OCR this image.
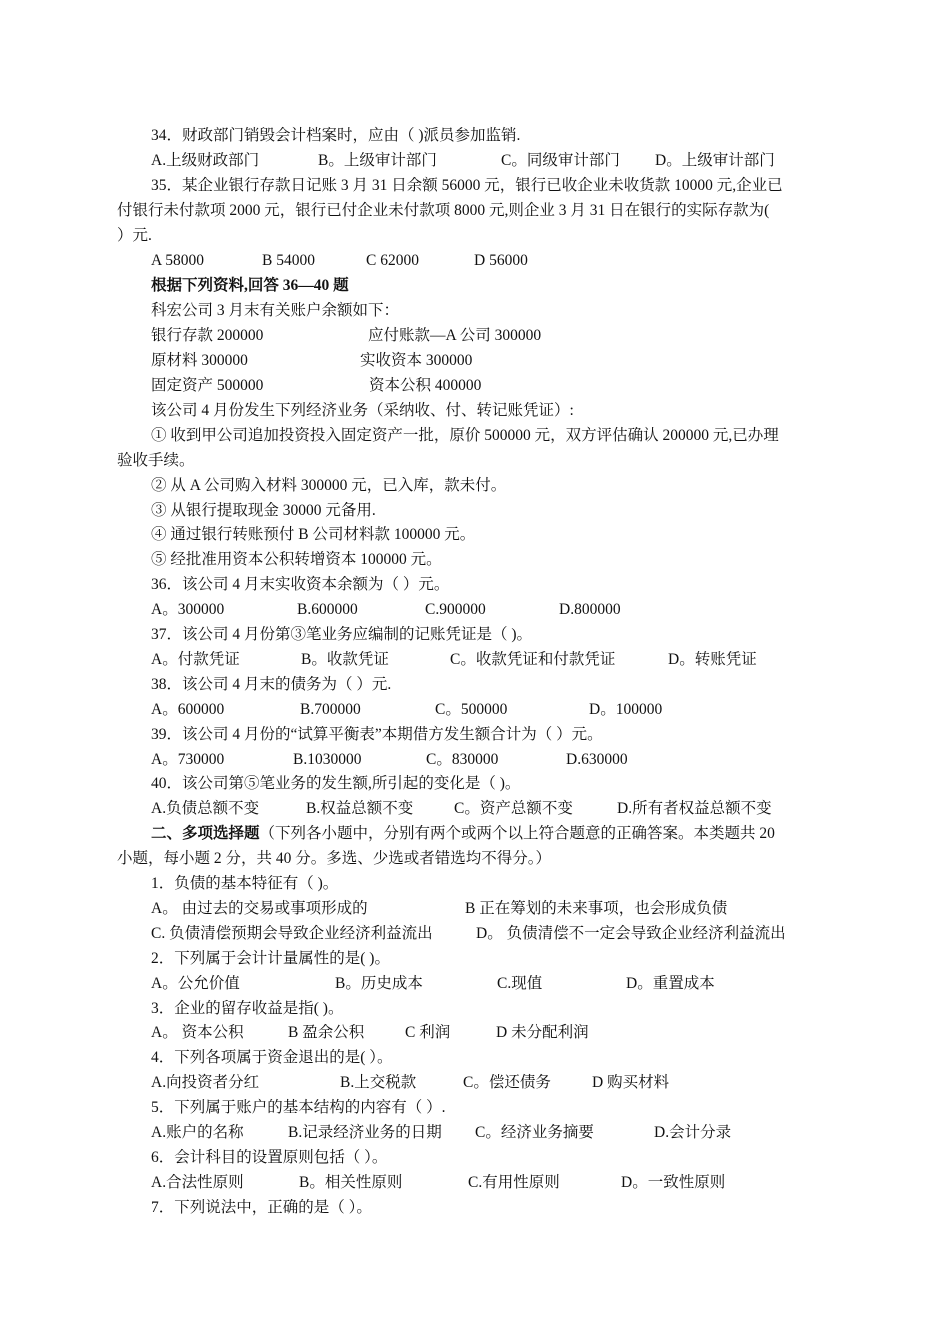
34．财政部门销毁会计档案时，应由（ )派员参加监销.
A.上级财政部门	B。上级审计部门	C。同级审计部门 D。上级审计部门
35．某企业银行存款日记账 3 月 31 日余额 56000 元，银行已收企业未收货款 10000 元,企业已
付银行未付款项 2000 元，银行已付企业未付款项 8000 元,则企业 3 月 31 日在银行的实际存款为(
）元.
A 58000	B 54000	C 62000	D 56000
根据下列资料,回答 36—40 题
科宏公司 3 月末有关账户余额如下：
银行存款 200000	应付账款—A 公司 300000
原材料 300000	实收资本 300000
固定资产 500000	资本公积 400000
该公司 4 月份发生下列经济业务（采纳收、付、转记账凭证）:
① 收到甲公司追加投资投入固定资产一批，原价 500000 元，双方评估确认 200000 元,已办理
验收手续。
② 从 A 公司购入材料 300000 元，已入库，款未付。
③ 从银行提取现金 30000 元备用.
④ 通过银行转账预付 B 公司材料款 100000 元。
⑤ 经批准用资本公积转增资本 100000 元。
36．该公司 4 月末实收资本余额为（ ）元。
A。300000	B.600000	C.900000	D.800000
37．该公司 4 月份第③笔业务应编制的记账凭证是（ )。
A。付款凭证	B。收款凭证	C。收款凭证和付款凭证	D。转账凭证
38．该公司 4 月末的债务为（ ）元.
A。600000	B.700000	C。500000	D。100000
39．该公司 4 月份的“试算平衡表”本期借方发生额合计为（ ）元。
A。730000	B.1030000	C。830000	D.630000
40．该公司第⑤笔业务的发生额,所引起的变化是（ )。
A.负债总额不变	B.权益总额不变	C。资产总额不变	D.所有者权益总额不变
二、多项选择题（下列各小题中，分别有两个或两个以上符合题意的正确答案。本类题共 20
小题，每小题 2 分，共 40 分。多选、少选或者错选均不得分。）
1．负债的基本特征有（ )。
A。 由过去的交易或事项形成的	B 正在筹划的未来事项，也会形成负债
C. 负债清偿预期会导致企业经济利益流出	D。 负债清偿不一定会导致企业经济利益流出
2．下列属于会计计量属性的是( )。
A。公允价值	B。历史成本	C.现值	D。重置成本
3．企业的留存收益是指( )。
A。 资本公积	B 盈余公积	C 利润	D 未分配利润
4．下列各项属于资金退出的是( ）。
A.向投资者分红	B.上交税款	C。偿还债务	D 购买材料
5．下列属于账户的基本结构的内容有（ ）.
A.账户的名称	B.记录经济业务的日期 C。经济业务摘要	D.会计分录
6．会计科目的设置原则包括（ ）。
A.合法性原则	B。相关性原则	C.有用性原则	D。一致性原则
7．下列说法中，正确的是（ ）。
